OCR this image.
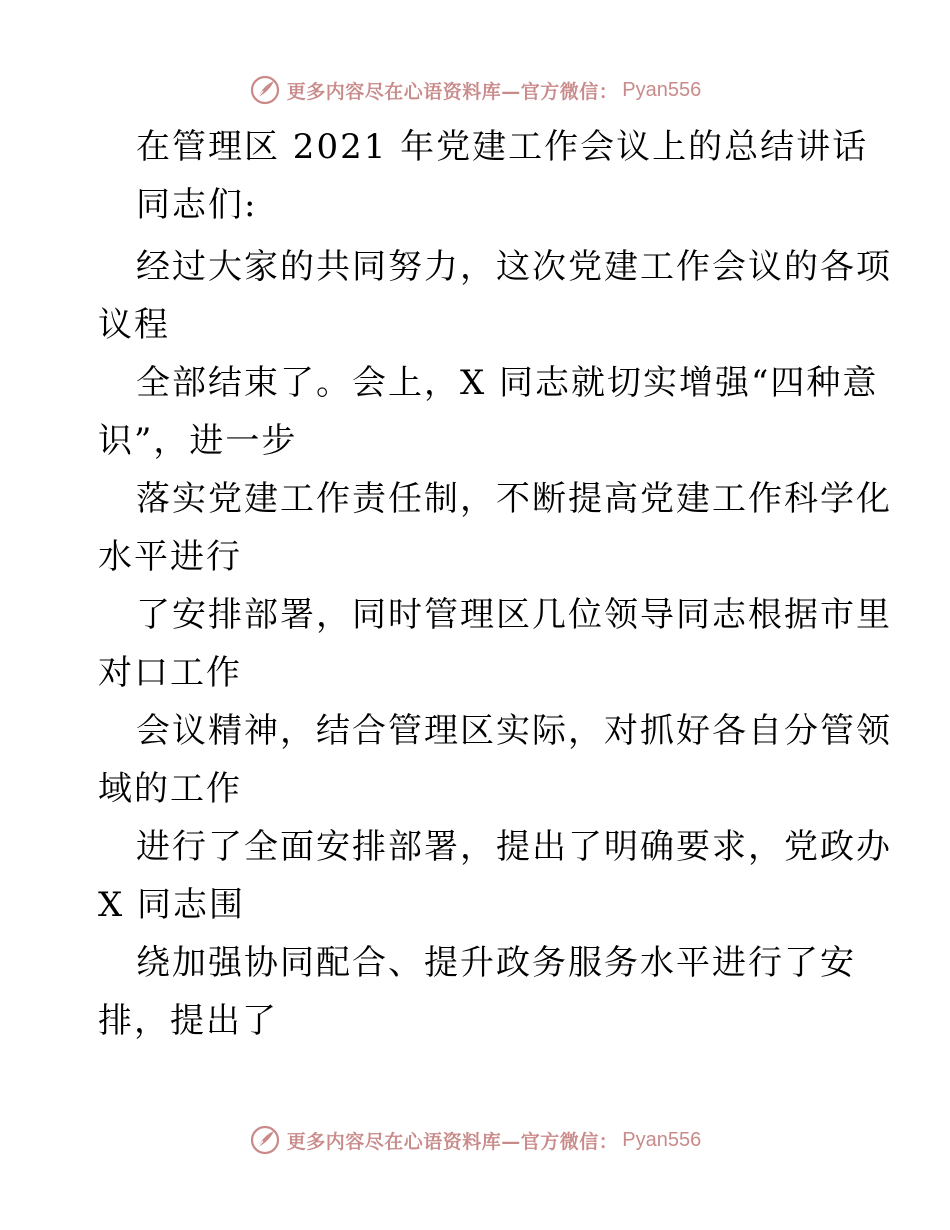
更多内容尽在心语资料库—官方微信： Pyan556
在管理区 2021 年党建工作会议上的总结讲话
同志们:
经过大家的共同努力，这次党建工作会议的各项
议程
全部结束了。会上，X 同志就切实增强“四种意
识”，进一步
落实党建工作责任制，不断提高党建工作科学化
水平进行
了安排部署，同时管理区几位领导同志根据市里
对口工作
会议精神，结合管理区实际，对抓好各自分管领
域的工作
进行了全面安排部署，提出了明确要求，党政办
X 同志围
绕加强协同配合、提升政务服务水平进行了安
排，提出了
更多内容尽在心语资料库—官方微信： Pyan556
